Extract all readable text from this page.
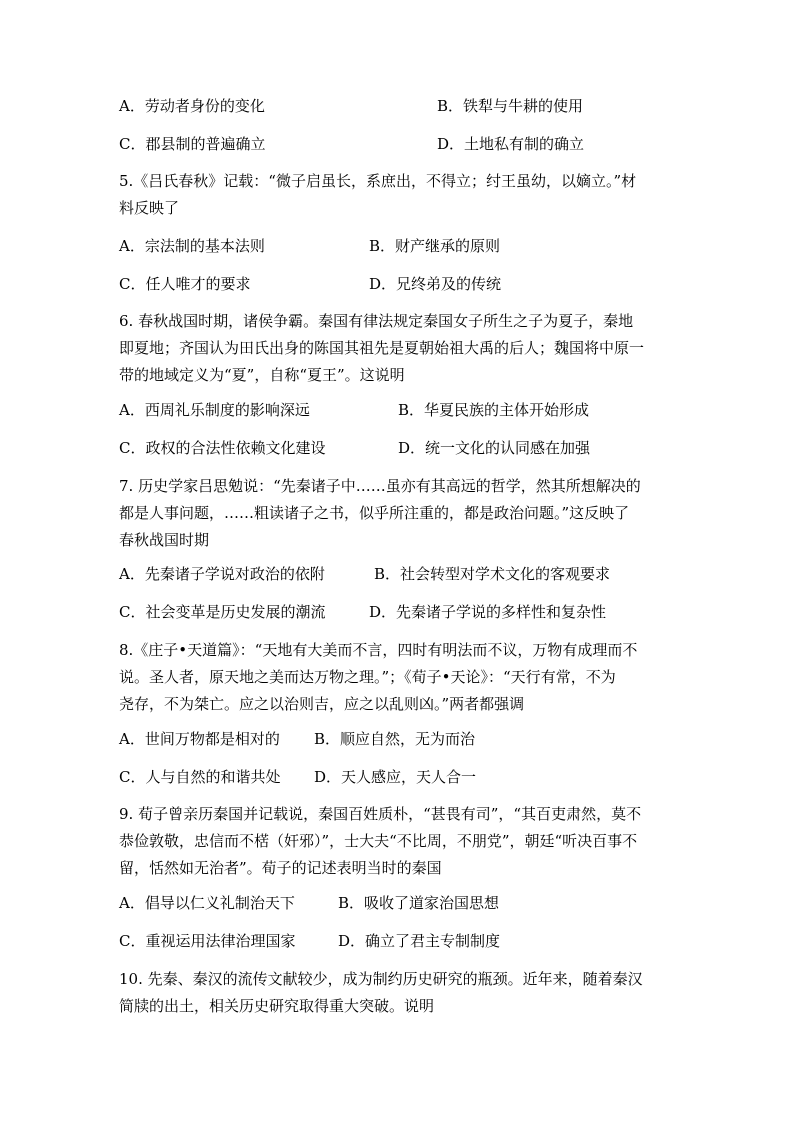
A．劳动者身份的变化	B．铁犁与牛耕的使用
C．郡县制的普遍确立	D．土地私有制的确立
5.《吕氏春秋》记载：“微子启虽长，系庶出，不得立；纣王虽幼，以嫡立。”材
料反映了
A．宗法制的基本法则	B．财产继承的原则
C．任人唯才的要求	D．兄终弟及的传统
6. 春秋战国时期，诸侯争霸。秦国有律法规定秦国女子所生之子为夏子，秦地
即夏地；齐国认为田氏出身的陈国其祖先是夏朝始祖大禹的后人；魏国将中原一
带的地域定义为“夏”，自称“夏王”。这说明
A．西周礼乐制度的影响深远	B．华夏民族的主体开始形成
C．政权的合法性依赖文化建设	D．统一文化的认同感在加强
7. 历史学家吕思勉说：“先秦诸子中……虽亦有其高远的哲学，然其所想解决的
都是人事问题，……粗读诸子之书，似乎所注重的，都是政治问题。”这反映了
春秋战国时期
A．先秦诸子学说对政治的依附	B．社会转型对学术文化的客观要求
C．社会变革是历史发展的潮流	D．先秦诸子学说的多样性和复杂性
8.《庄子•天道篇》：“天地有大美而不言，四时有明法而不议，万物有成理而不
说。圣人者，原天地之美而达万物之理。”；《荀子•天论》：“天行有常，不为
尧存，不为桀亡。应之以治则吉，应之以乱则凶。”两者都强调
A．世间万物都是相对的	B．顺应自然，无为而治
C．人与自然的和谐共处	D．天人感应，天人合一
9. 荀子曾亲历秦国并记载说，秦国百姓质朴，“甚畏有司”，“其百吏肃然，莫不
恭俭敦敬，忠信而不楛（奸邪）”，士大夫“不比周，不朋党”，朝廷“听决百事不
留，恬然如无治者”。荀子的记述表明当时的秦国
A．倡导以仁义礼制治天下	B．吸收了道家治国思想
C．重视运用法律治理国家	D．确立了君主专制制度
10. 先秦、秦汉的流传文献较少，成为制约历史研究的瓶颈。近年来，随着秦汉
简牍的出土，相关历史研究取得重大突破。说明
